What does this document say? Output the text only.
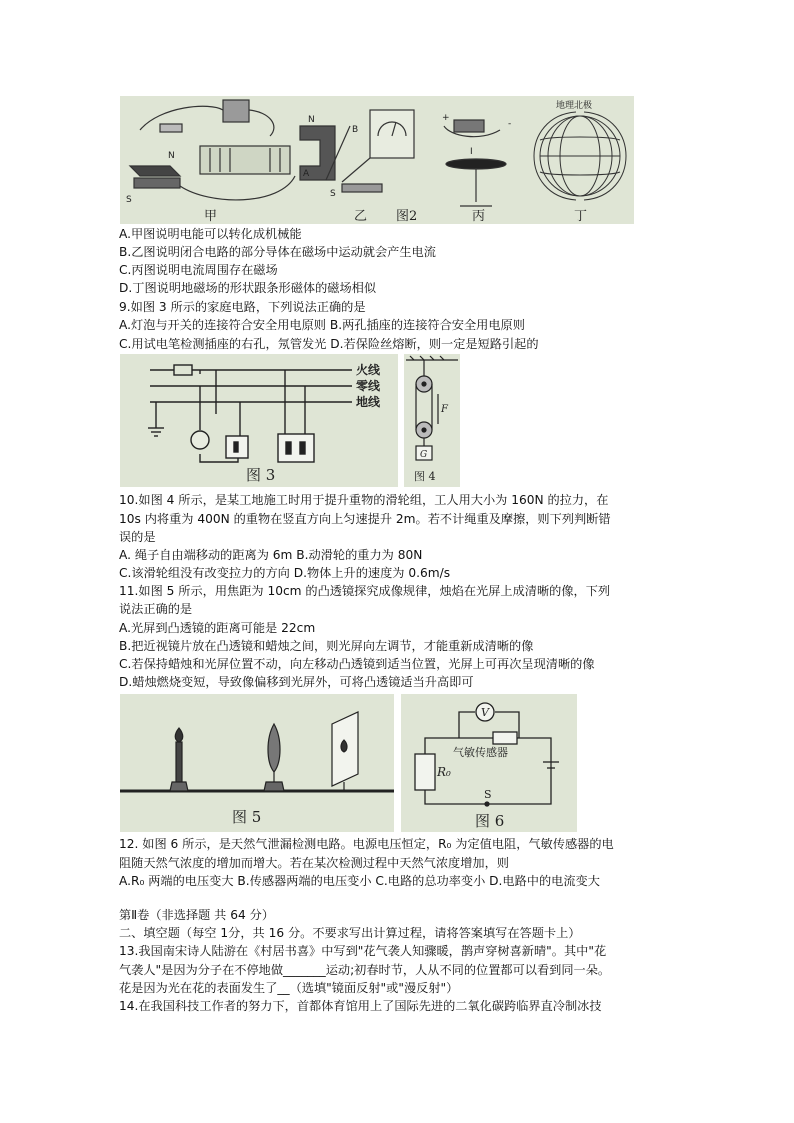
N
S
甲
N
B
A
S
乙 图2
+
-
I
丙
地理北极
丁
A.甲图说明电能可以转化成机械能
B.乙图说明闭合电路的部分导体在磁场中运动就会产生电流
C.丙图说明电流周围存在磁场
D.丁图说明地磁场的形状跟条形磁体的磁场相似
9.如图 3 所示的家庭电路，下列说法正确的是
A.灯泡与开关的连接符合安全用电原则 B.两孔插座的连接符合安全用电原则
C.用试电笔检测插座的右孔，氖管发光 D.若保险丝熔断，则一定是短路引起的
火线
零线
地线
图 3
F
G
图 4
10.如图 4 所示，是某工地施工时用于提升重物的滑轮组，工人用大小为 160N 的拉力，在
10s 内将重为 400N 的重物在竖直方向上匀速提升 2m。若不计绳重及摩擦，则下列判断错
误的是
A. 绳子自由端移动的距离为 6m B.动滑轮的重力为 80N
C.该滑轮组没有改变拉力的方向 D.物体上升的速度为 0.6m/s
11.如图 5 所示，用焦距为 10cm 的凸透镜探究成像规律，烛焰在光屏上成清晰的像，下列
说法正确的是
A.光屏到凸透镜的距离可能是 22cm
B.把近视镜片放在凸透镜和蜡烛之间，则光屏向左调节，才能重新成清晰的像
C.若保持蜡烛和光屏位置不动，向左移动凸透镜到适当位置，光屏上可再次呈现清晰的像
D.蜡烛燃烧变短，导致像偏移到光屏外，可将凸透镜适当升高即可
图 5
V
气敏传感器
R₀
S
图 6
12. 如图 6 所示，是天然气泄漏检测电路。电源电压恒定，R₀ 为定值电阻，气敏传感器的电
阻随天然气浓度的增加而增大。若在某次检测过程中天然气浓度增加，则
A.R₀ 两端的电压变大 B.传感器两端的电压变小 C.电路的总功率变小 D.电路中的电流变大
第Ⅱ卷（非选择题 共 64 分）
二、填空题（每空 1分，共 16 分。不要求写出计算过程，请将答案填写在答题卡上）
13.我国南宋诗人陆游在《村居书喜》中写到"花气袭人知骤暖，鹊声穿树喜新晴"。其中"花
气袭人"是因为分子在不停地做_______运动;初春时节，人从不同的位置都可以看到同一朵。
花是因为光在花的表面发生了__（选填"镜面反射"或"漫反射"）
14.在我国科技工作者的努力下，首都体育馆用上了国际先进的二氧化碳跨临界直冷制冰技
